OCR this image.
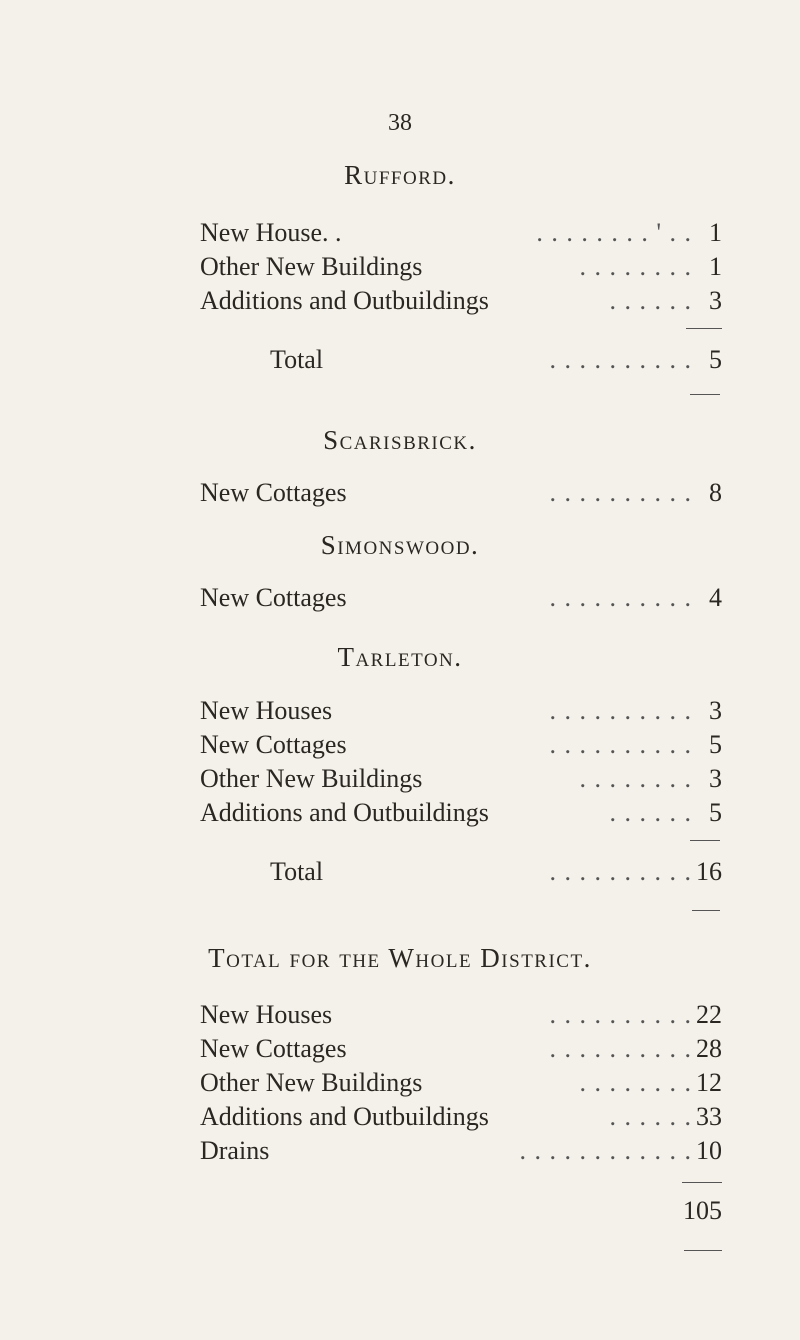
38
Rufford.
New House. .	. . . . . . . . ' . . 1
Other New Buildings	. . . . . . . . 1
Additions and Outbuildings	. . . . . . 3
Total	. . . . . . . . . . 5
Scarisbrick.
New Cottages	. . . . . . . . . . 8
Simonswood.
New Cottages	. . . . . . . . . . 4
Tarleton.
New Houses	. . . . . . . . . . 3
New Cottages	. . . . . . . . . . 5
Other New Buildings	. . . . . . . . 3
Additions and Outbuildings	. . . . . . 5
Total	. . . . . . . . . . 16
Total for the Whole District.
New Houses	. . . . . . . . . . 22
New Cottages	. . . . . . . . . . 28
Other New Buildings	. . . . . . . . 12
Additions and Outbuildings	. . . . . . 33
Drains	. . . . . . . . . . . . 10
105
